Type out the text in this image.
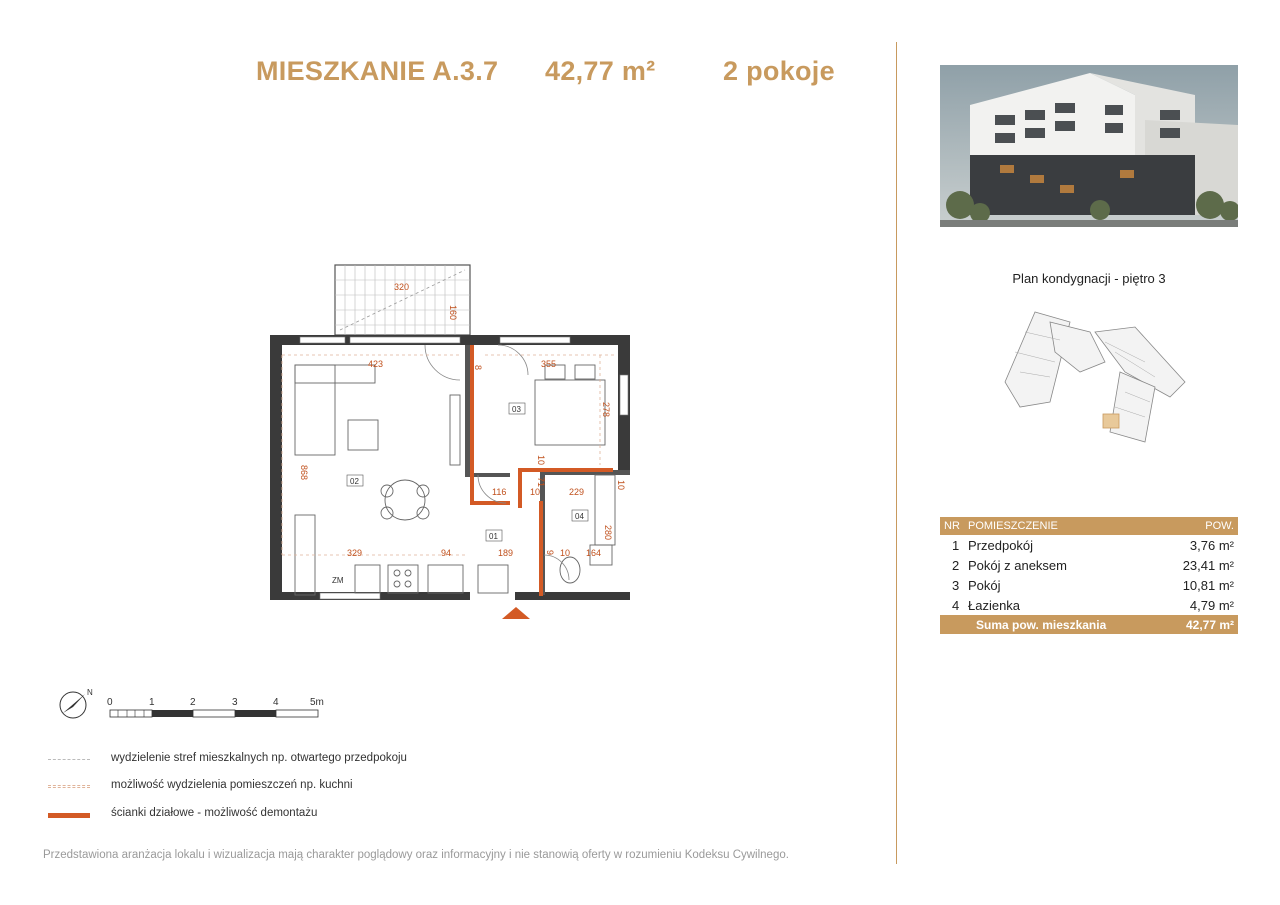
MIESZKANIE A.3.7 42,77 m²	2 pokoje
320
160
423	355
278
8
868
116	10	229
10
71
10
329	94	189	10 164
280
9
ZM
01
02
03
04
Plan kondygnacji - piętro 3
NR	POMIESZCZENIE	POW.
1	Przedpokój	3,76 m²
2	Pokój z aneksem	23,41 m²
3	Pokój	10,81 m²
4	Łazienka	4,79 m²
	Suma pow. mieszkania	42,77 m²
N
0	1	2	3	4	5m
wydzielenie stref mieszkalnych np. otwartego przedpokoju
możliwość wydzielenia pomieszczeń np. kuchni
ścianki działowe - możliwość demontażu
Przedstawiona aranżacja lokalu i wizualizacja mają charakter poglądowy oraz informacyjny i nie stanowią oferty w rozumieniu Kodeksu Cywilnego.
